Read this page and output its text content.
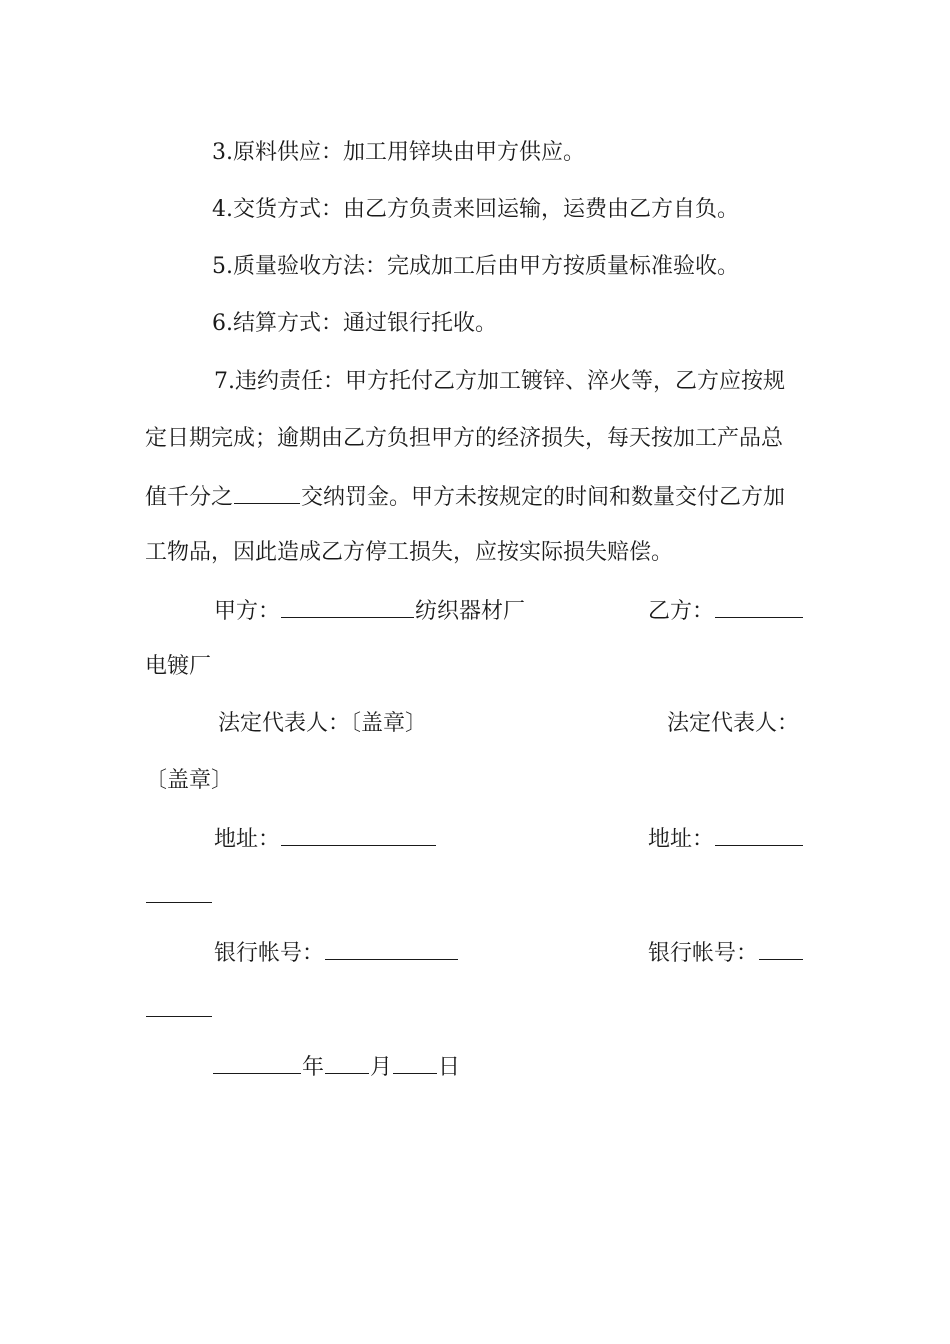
3.原料供应：加工用锌块由甲方供应。
4.交货方式：由乙方负责来回运输，运费由乙方自负。
5.质量验收方法：完成加工后由甲方按质量标准验收。
6.结算方式：通过银行托收。
7.违约责任：甲方托付乙方加工镀锌、淬火等，乙方应按规
定日期完成；逾期由乙方负担甲方的经济损失，每天按加工产品总
值千分之	交纳罚金。甲方未按规定的时间和数量交付乙方加
工物品，因此造成乙方停工损失，应按实际损失赔偿。
甲方：	纺织器材厂	乙方：
电镀厂
法定代表人：〔盖章〕	法定代表人：
〔盖章〕
地址：	地址：
银行帐号：	银行帐号：
年 月 日
